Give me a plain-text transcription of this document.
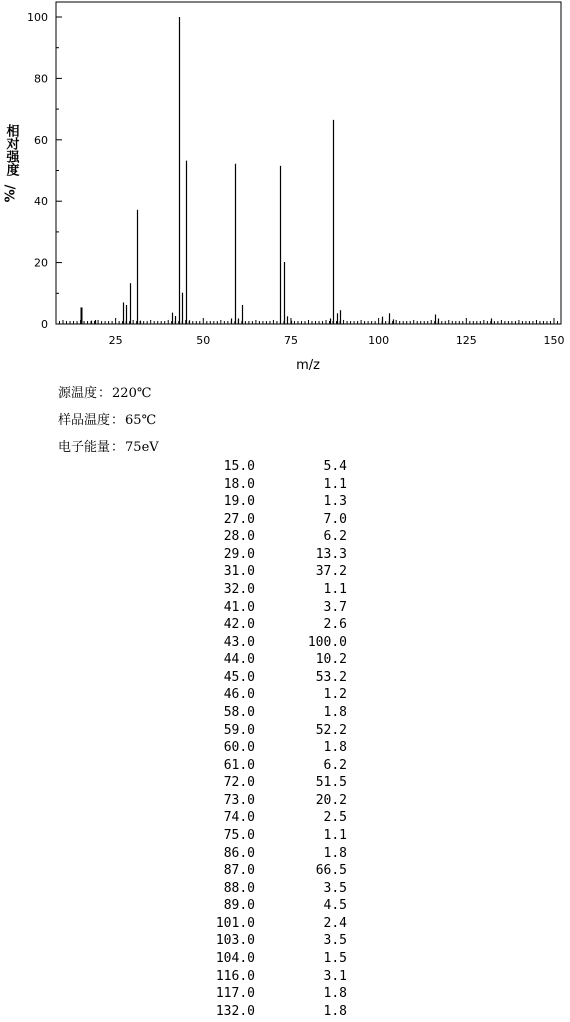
25	50	75	100	125	150
0
20
40
60
80
100
m/z
相对强度
%/
源温度：220℃
样品温度：65℃
电子能量：75eV
15.0	5.4
18.0	1.1
19.0	1.3
27.0	7.0
28.0	6.2
29.0	13.3
31.0	37.2
32.0	1.1
41.0	3.7
42.0	2.6
43.0	100.0
44.0	10.2
45.0	53.2
46.0	1.2
58.0	1.8
59.0	52.2
60.0	1.8
61.0	6.2
72.0	51.5
73.0	20.2
74.0	2.5
75.0	1.1
86.0	1.8
87.0	66.5
88.0	3.5
89.0	4.5
101.0	2.4
103.0	3.5
104.0	1.5
116.0	3.1
117.0	1.8
132.0	1.8
